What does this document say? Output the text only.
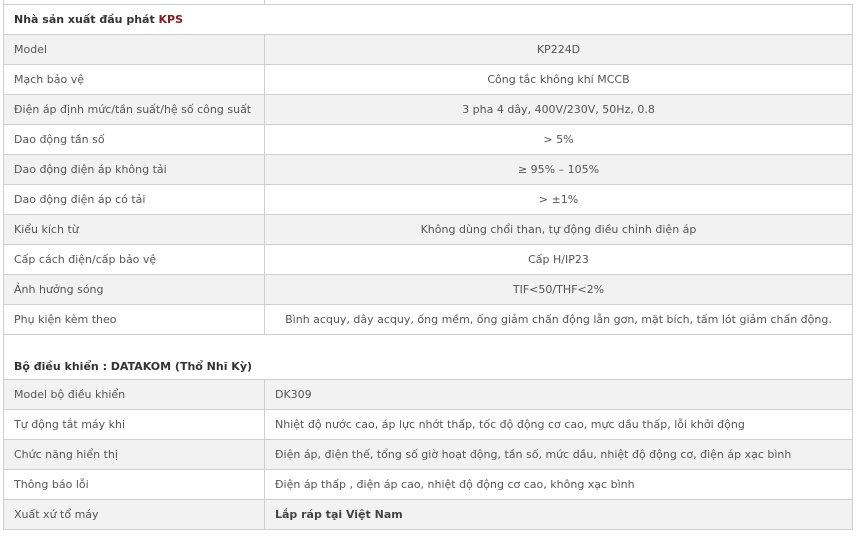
Nhà sản xuất đầu phát KPS	
Model	KP224D
Mạch bảo vệ	Công tắc không khí MCCB
Điện áp định mức/tần suất/hệ số công suất	3 pha 4 dây, 400V/230V, 50Hz, 0.8
Dao động tần số	> 5%
Dao động điện áp không tải	≥ 95% – 105%
Dao động điện áp có tải	> ±1%
Kiểu kích từ	Không dùng chổi than, tự động điều chỉnh điện áp
Cấp cách điện/cấp bảo vệ	Cấp H/IP23
Ảnh hưởng sóng	TIF<50/THF<2%
Phụ kiện kèm theo	Bình acquy, dây acquy, ống mềm, ống giảm chấn động lẫn gơn, mặt bích, tấm lót giảm chấn động.
Bộ điều khiển : DATAKOM (Thổ Nhĩ Kỳ)	
Model bộ điều khiển	DK309
Tự động tắt máy khi	Nhiệt độ nước cao, áp lực nhớt thấp, tốc độ động cơ cao, mực dầu thấp, lỗi khởi động
Chức năng hiển thị	Điện áp, điện thế, tổng số giờ hoạt động, tần số, mức dầu, nhiệt độ động cơ, điện áp xạc bình
Thông báo lỗi	Điện áp thấp , điện áp cao, nhiệt độ động cơ cao, không xạc bình
Xuất xứ tổ máy	Lắp ráp tại Việt Nam
